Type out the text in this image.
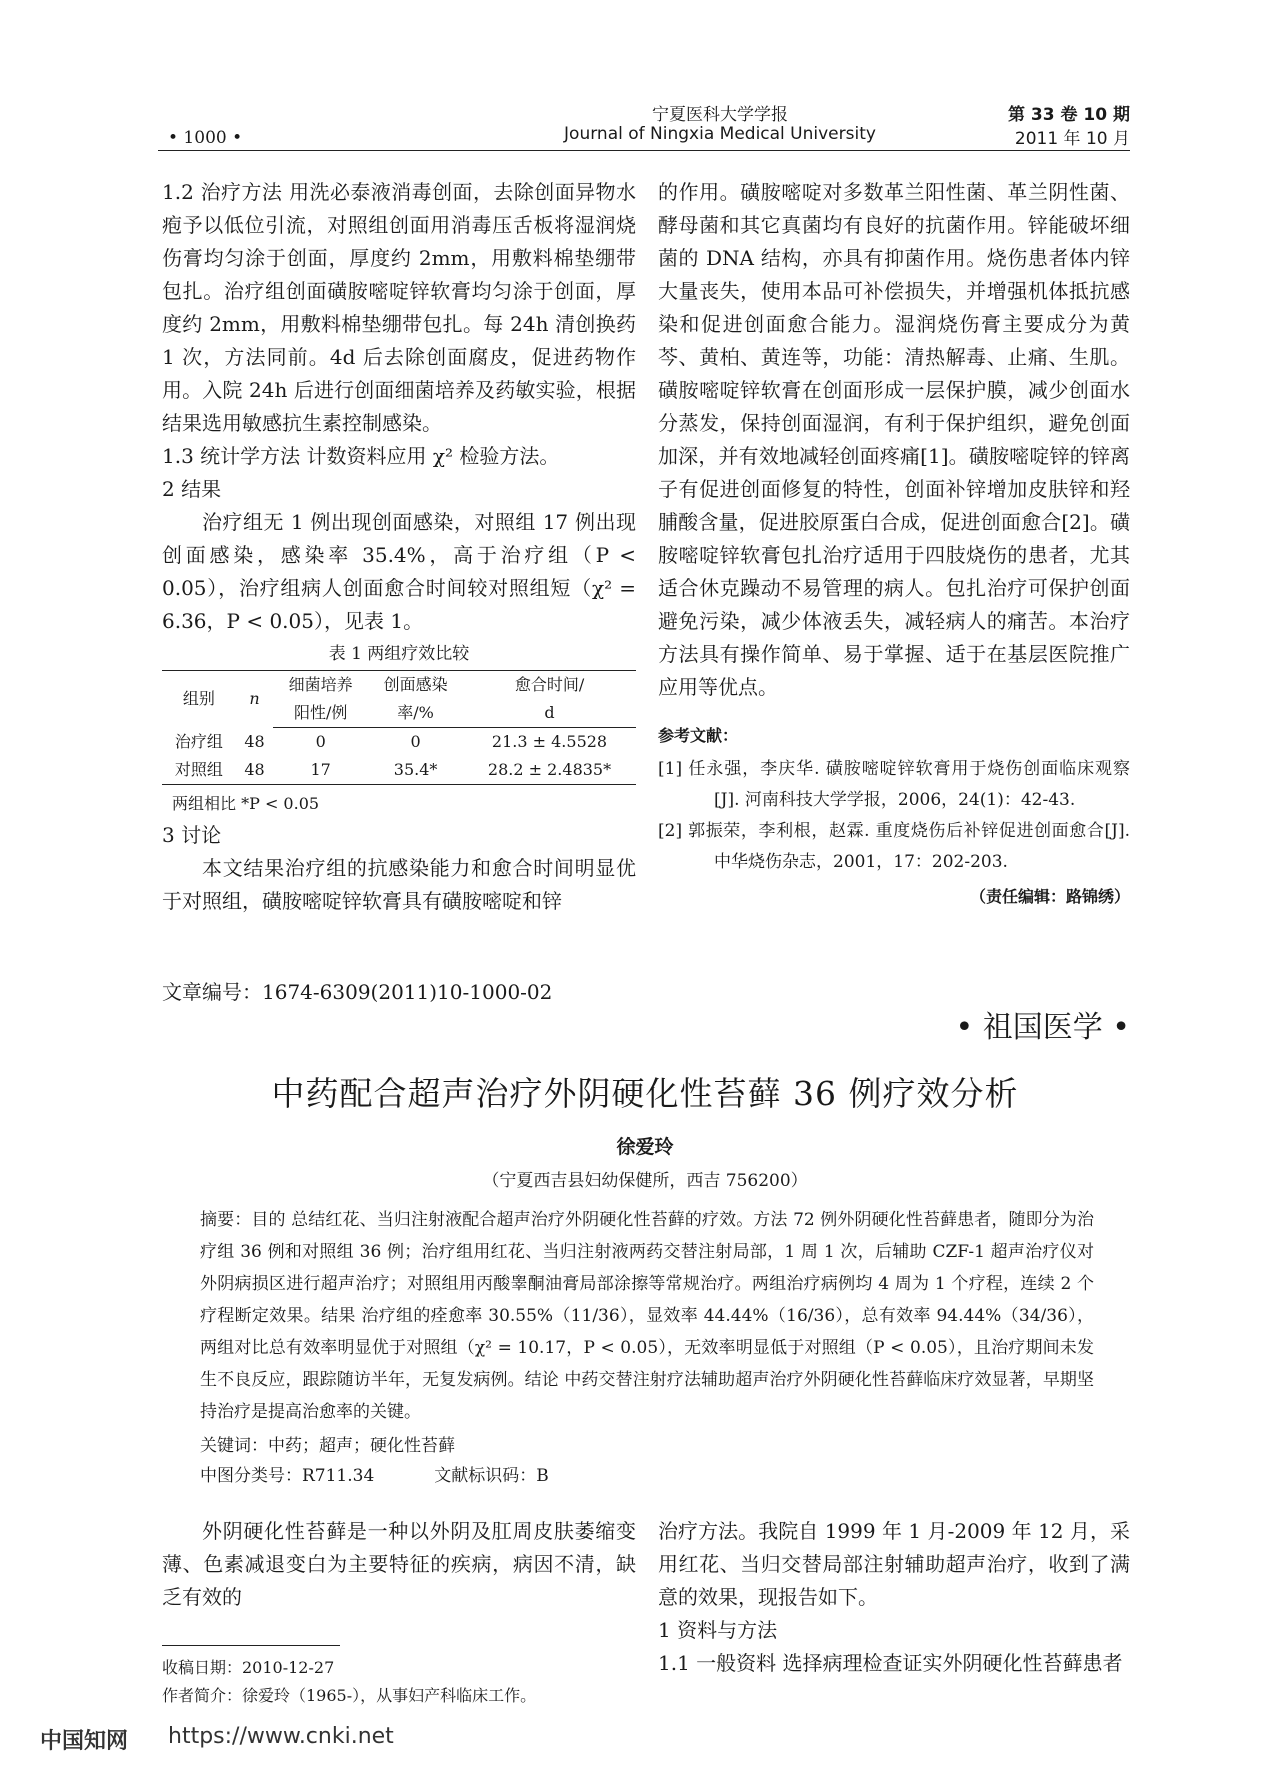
• 1000 •
宁夏医科大学学报
Journal of Ningxia Medical University
第 33 卷 10 期
2011 年 10 月

1.2 治疗方法 用洗必泰液消毒创面，去除创面异物水疱予以低位引流，对照组创面用消毒压舌板将湿润烧伤膏均匀涂于创面，厚度约 2mm，用敷料棉垫绷带包扎。治疗组创面磺胺嘧啶锌软膏均匀涂于创面，厚度约 2mm，用敷料棉垫绷带包扎。每 24h 清创换药 1 次，方法同前。4d 后去除创面腐皮，促进药物作用。入院 24h 后进行创面细菌培养及药敏实验，根据结果选用敏感抗生素控制感染。

1.3 统计学方法 计数资料应用 χ² 检验方法。

2 结果

治疗组无 1 例出现创面感染，对照组 17 例出现创面感染，感染率 35.4%，高于治疗组（P < 0.05），治疗组病人创面愈合时间较对照组短（χ² = 6.36，P < 0.05），见表 1。

表 1 两组疗效比较
组别	n	细菌培养	创面感染	愈合时间/
		阳性/例	率/%	d
治疗组	48	0	0	21.3 ± 4.5528
对照组	48	17	35.4*	28.2 ± 2.4835*
两组相比 *P < 0.05

3 讨论

本文结果治疗组的抗感染能力和愈合时间明显优于对照组，磺胺嘧啶锌软膏具有磺胺嘧啶和锌

的作用。磺胺嘧啶对多数革兰阳性菌、革兰阴性菌、酵母菌和其它真菌均有良好的抗菌作用。锌能破坏细菌的 DNA 结构，亦具有抑菌作用。烧伤患者体内锌大量丧失，使用本品可补偿损失，并增强机体抵抗感染和促进创面愈合能力。湿润烧伤膏主要成分为黄芩、黄柏、黄连等，功能：清热解毒、止痛、生肌。磺胺嘧啶锌软膏在创面形成一层保护膜，减少创面水分蒸发，保持创面湿润，有利于保护组织，避免创面加深，并有效地减轻创面疼痛[1]。磺胺嘧啶锌的锌离子有促进创面修复的特性，创面补锌增加皮肤锌和羟脯酸含量，促进胶原蛋白合成，促进创面愈合[2]。磺胺嘧啶锌软膏包扎治疗适用于四肢烧伤的患者，尤其适合休克躁动不易管理的病人。包扎治疗可保护创面避免污染，减少体液丢失，减轻病人的痛苦。本治疗方法具有操作简单、易于掌握、适于在基层医院推广应用等优点。

参考文献：

[1] 任永强，李庆华. 磺胺嘧啶锌软膏用于烧伤创面临床观察[J]. 河南科技大学学报，2006，24(1)：42-43.

[2] 郭振荣，李利根，赵霖. 重度烧伤后补锌促进创面愈合[J]. 中华烧伤杂志，2001，17：202-203.

（责任编辑：路锦绣）
文章编号：1674-6309(2011)10-1000-02
• 祖国医学 •
中药配合超声治疗外阴硬化性苔藓 36 例疗效分析
徐爱玲
（宁夏西吉县妇幼保健所，西吉 756200）
摘要：目的 总结红花、当归注射液配合超声治疗外阴硬化性苔藓的疗效。方法 72 例外阴硬化性苔藓患者，随即分为治疗组 36 例和对照组 36 例；治疗组用红花、当归注射液两药交替注射局部，1 周 1 次，后辅助 CZF-1 超声治疗仪对外阴病损区进行超声治疗；对照组用丙酸睾酮油膏局部涂擦等常规治疗。两组治疗病例均 4 周为 1 个疗程，连续 2 个疗程断定效果。结果 治疗组的痊愈率 30.55%（11/36），显效率 44.44%（16/36），总有效率 94.44%（34/36），两组对比总有效率明显优于对照组（χ² = 10.17，P < 0.05），无效率明显低于对照组（P < 0.05），且治疗期间未发生不良反应，跟踪随访半年，无复发病例。结论 中药交替注射疗法辅助超声治疗外阴硬化性苔藓临床疗效显著，早期坚持治疗是提高治愈率的关键。
关键词：中药；超声；硬化性苔藓
中图分类号：R711.34	文献标识码：B

外阴硬化性苔藓是一种以外阴及肛周皮肤萎缩变薄、色素减退变白为主要特征的疾病，病因不清，缺乏有效的

治疗方法。我院自 1999 年 1 月-2009 年 12 月，采用红花、当归交替局部注射辅助超声治疗，收到了满意的效果，现报告如下。

1 资料与方法

1.1 一般资料 选择病理检查证实外阴硬化性苔藓患者

收稿日期：2010-12-27
作者简介：徐爱玲（1965-），从事妇产科临床工作。
中国知网 https://www.cnki.net
